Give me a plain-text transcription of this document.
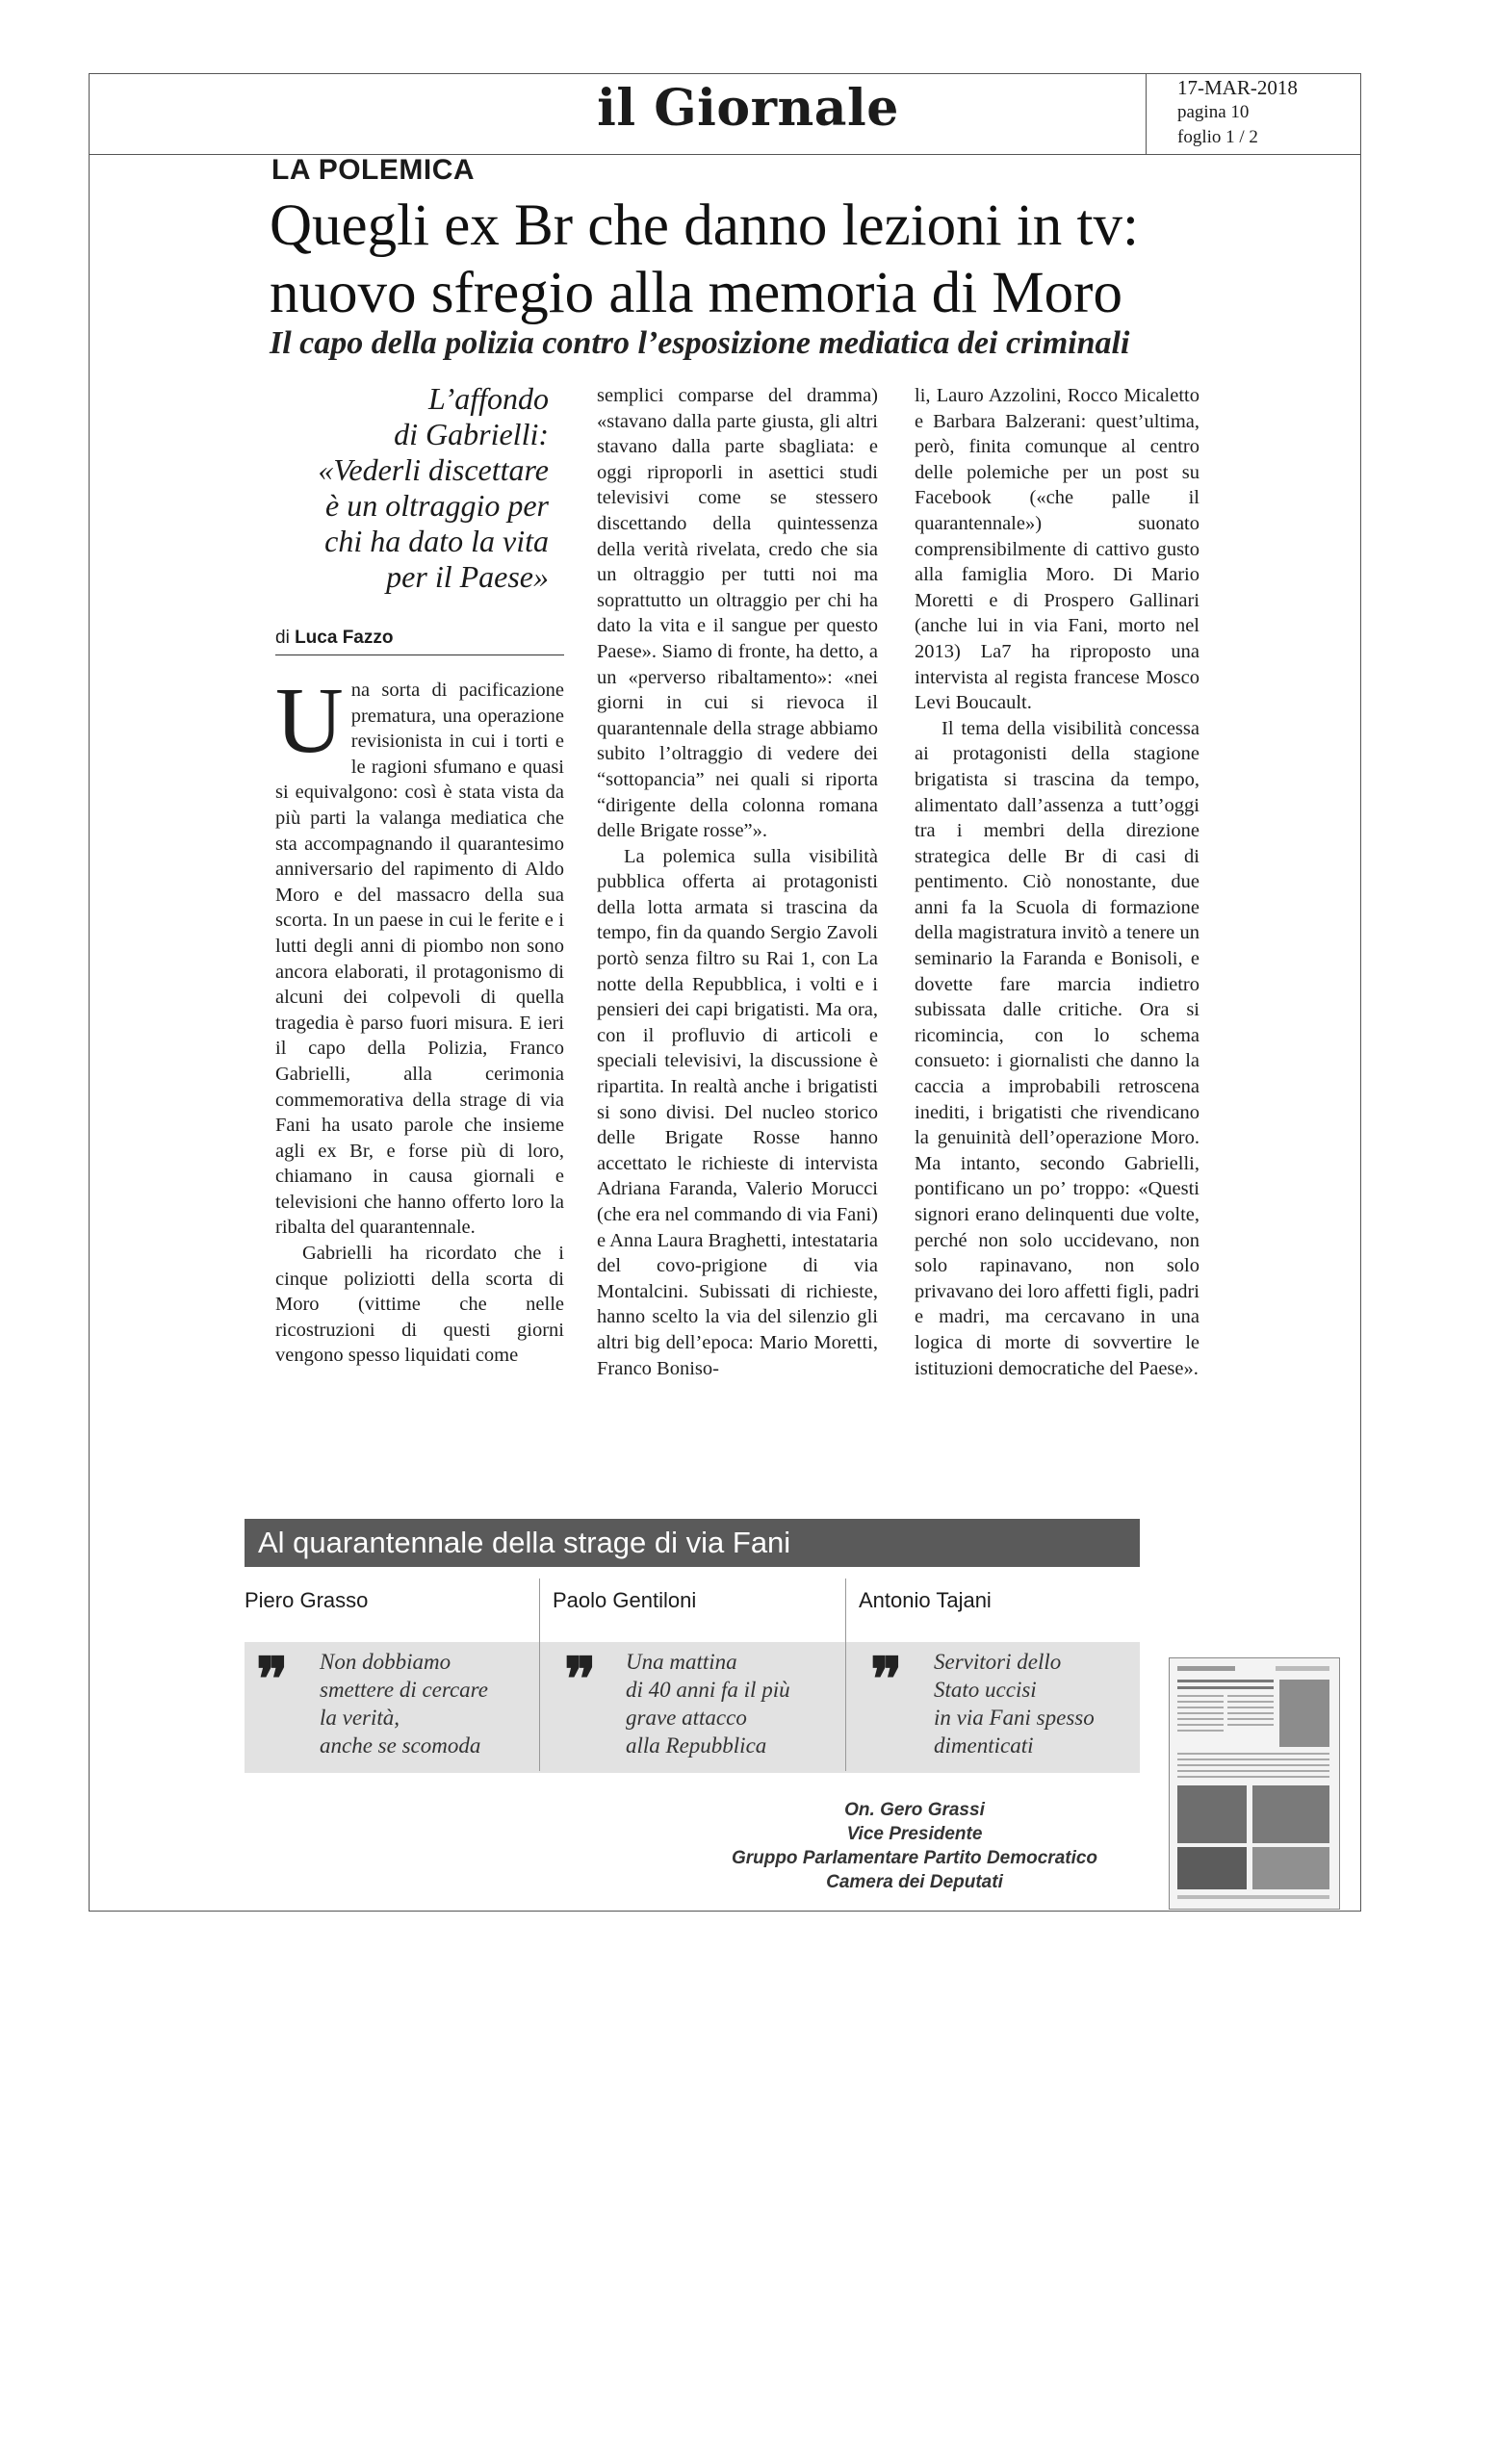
il Giornale	17-MAR-2018
pagina 10
foglio 1 / 2
LA POLEMICA
Quegli ex Br che danno lezioni in tv:
nuovo sfregio alla memoria di Moro
Il capo della polizia contro l’esposizione mediatica dei criminali
L’affondo
di Gabrielli:
«Vederli discettare
è un oltraggio per
chi ha dato la vita
per il Paese»
di Luca Fazzo
U na sorta di pacificazione prematura, una operazione revisionista in cui i torti e le ragioni sfumano e quasi si equivalgono: così è stata vista da più parti la valanga mediatica che sta accompagnando il quarantesimo anniversario del rapimento di Aldo Moro e del massacro della sua scorta. In un paese in cui le ferite e i lutti degli anni di piombo non sono ancora elaborati, il protagonismo di alcuni dei colpevoli di quella tragedia è parso fuori misura. E ieri il capo della Polizia, Franco Gabrielli, alla cerimonia commemorativa della strage di via Fani ha usato parole che insieme agli ex Br, e forse più di loro, chiamano in causa giornali e televisioni che hanno offerto loro la ribalta del quarantennale.

Gabrielli ha ricordato che i cinque poliziotti della scorta di Moro (vittime che nelle ricostruzioni di questi giorni vengono spesso liquidati come

semplici comparse del dramma) «stavano dalla parte giusta, gli altri stavano dalla parte sbagliata: e oggi riproporli in asettici studi televisivi come se stessero discettando della quintessenza della verità rivelata, credo che sia un oltraggio per tutti noi ma soprattutto un oltraggio per chi ha dato la vita e il sangue per questo Paese». Siamo di fronte, ha detto, a un «perverso ribaltamento»: «nei giorni in cui si rievoca il quarantennale della strage abbiamo subito l’oltraggio di vedere dei “sottopancia” nei quali si riporta “dirigente della colonna romana delle Brigate rosse”».

La polemica sulla visibilità pubblica offerta ai protagonisti della lotta armata si trascina da tempo, fin da quando Sergio Zavoli portò senza filtro su Rai 1, con La notte della Repubblica, i volti e i pensieri dei capi brigatisti. Ma ora, con il profluvio di articoli e speciali televisivi, la discussione è ripartita. In realtà anche i brigatisti si sono divisi. Del nucleo storico delle Brigate Rosse hanno accettato le richieste di intervista Adriana Faranda, Valerio Morucci (che era nel commando di via Fani) e Anna Laura Braghetti, intestataria del covo-prigione di via Montalcini. Subissati di richieste, hanno scelto la via del silenzio gli altri big dell’epoca: Mario Moretti, Franco Boniso-

li, Lauro Azzolini, Rocco Micaletto e Barbara Balzerani: quest’ultima, però, finita comunque al centro delle polemiche per un post su Facebook («che palle il quarantennale») suonato comprensibilmente di cattivo gusto alla famiglia Moro. Di Mario Moretti e di Prospero Gallinari (anche lui in via Fani, morto nel 2013) La7 ha riproposto una intervista al regista francese Mosco Levi Boucault.

Il tema della visibilità concessa ai protagonisti della stagione brigatista si trascina da tempo, alimentato dall’assenza a tutt’oggi tra i membri della direzione strategica delle Br di casi di pentimento. Ciò nonostante, due anni fa la Scuola di formazione della magistratura invitò a tenere un seminario la Faranda e Bonisoli, e dovette fare marcia indietro subissata dalle critiche. Ora si ricomincia, con lo schema consueto: i giornalisti che danno la caccia a improbabili retroscena inediti, i brigatisti che rivendicano la genuinità dell’operazione Moro. Ma intanto, secondo Gabrielli, pontificano un po’ troppo: «Questi signori erano delinquenti due volte, perché non solo uccidevano, non solo rapinavano, non solo privavano dei loro affetti figli, padri e madri, ma cercavano in una logica di morte di sovvertire le istituzioni democratiche del Paese».

Al quarantennale della strage di via Fani
Piero Grasso	Paolo Gentiloni	Antonio Tajani
❞ Non dobbiamo
smettere di cercare
la verità,
anche se scomoda
❞ Una mattina
di 40 anni fa il più
grave attacco
alla Repubblica
❞ Servitori dello
Stato uccisi
in via Fani spesso
dimenticati
On. Gero Grassi
Vice Presidente
Gruppo Parlamentare Partito Democratico
Camera dei Deputati
